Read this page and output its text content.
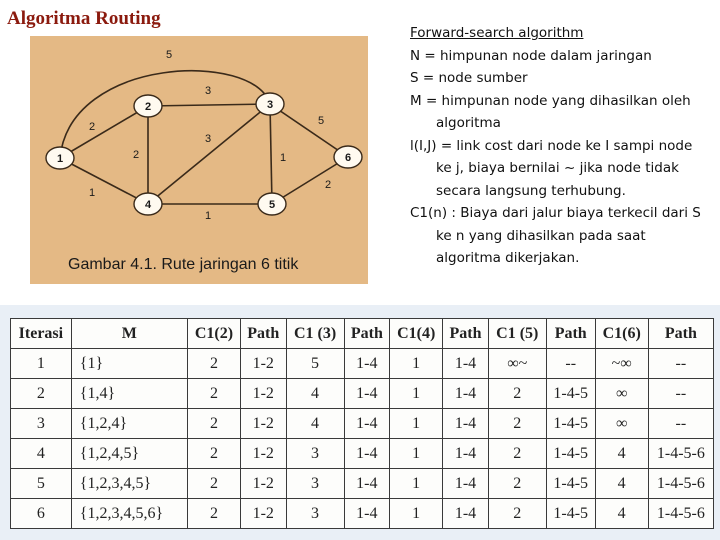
Algoritma Routing
5
2
1
3
2
3
1
1
5
2
1
2	3
4	5
6
Gambar 4.1. Rute jaringan 6 titik

Forward-search algorithm

N = himpunan node dalam jaringan

S = node sumber

M = himpunan node yang dihasilkan oleh algoritma

l(I,J) = link cost dari node ke I sampi node ke j, biaya bernilai ~ jika node tidak secara langsung terhubung.

C1(n) : Biaya dari jalur biaya terkecil dari S ke n yang dihasilkan pada saat algoritma dikerjakan.

Iterasi	M	C1(2)	Path	C1 (3)	Path	C1(4)	Path	C1 (5)	Path	C1(6)	Path
1	{1}	2	1-2	5	1-4	1	1-4	∞~	--	~∞	--
2	{1,4}	2	1-2	4	1-4	1	1-4	2	1-4-5	∞	--
3	{1,2,4}	2	1-2	4	1-4	1	1-4	2	1-4-5	∞	--
4	{1,2,4,5}	2	1-2	3	1-4	1	1-4	2	1-4-5	4	1-4-5-6
5	{1,2,3,4,5}	2	1-2	3	1-4	1	1-4	2	1-4-5	4	1-4-5-6
6	{1,2,3,4,5,6}	2	1-2	3	1-4	1	1-4	2	1-4-5	4	1-4-5-6
